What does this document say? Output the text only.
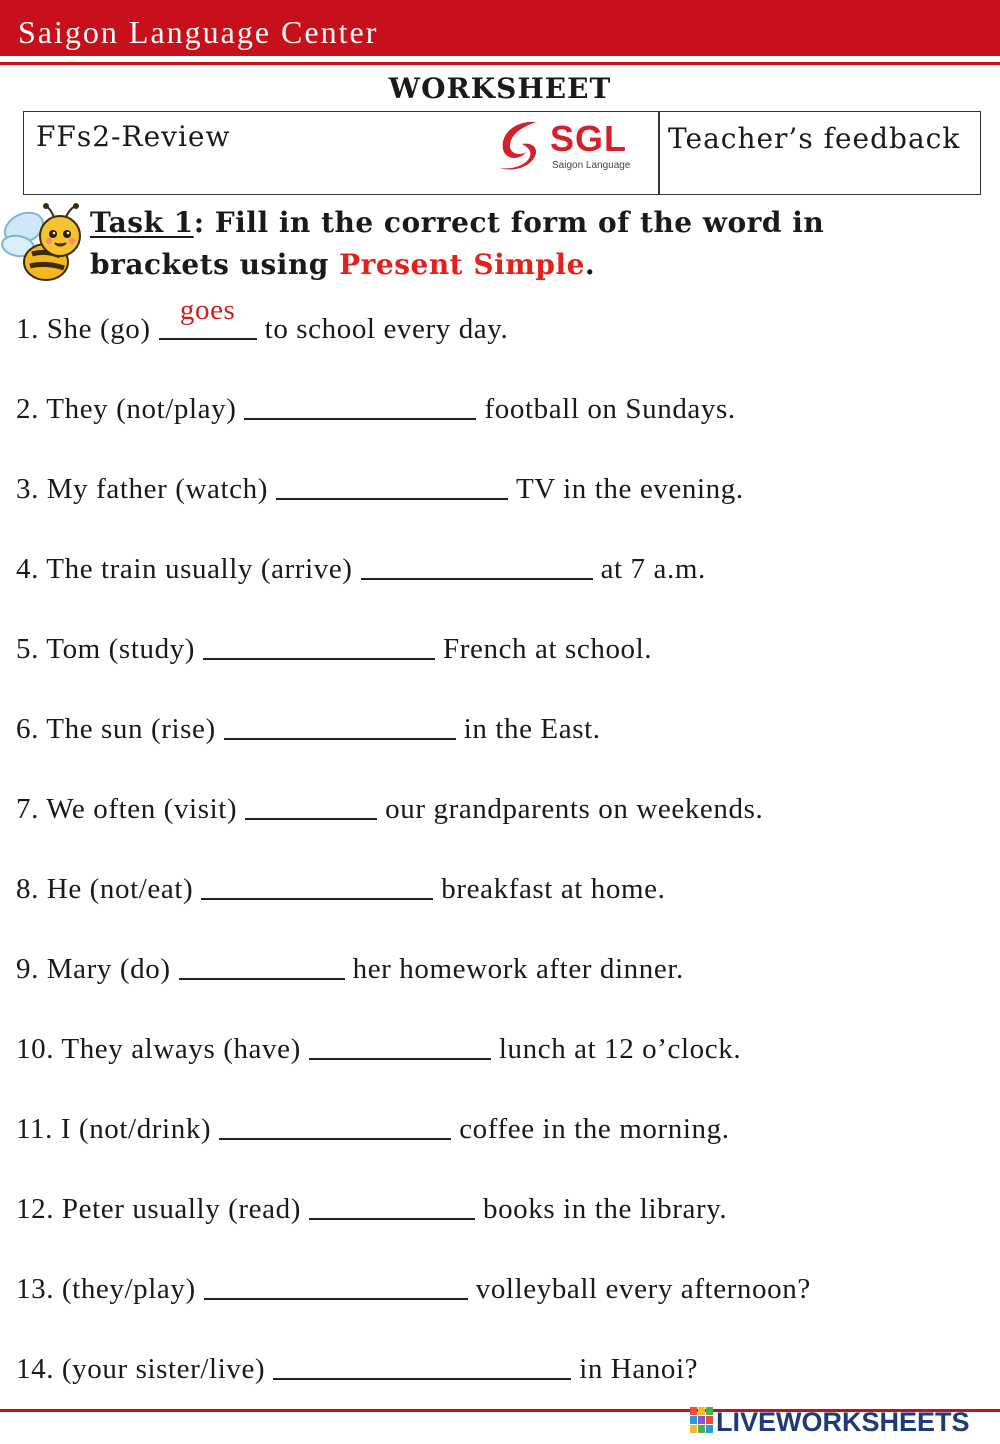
Saigon Language Center
WORKSHEET
FFs2-Review	SGL
Saigon Language
Teacher’s feedback
Task 1: Fill in the correct form of the word in brackets using Present Simple.
1. She (go)
goes
to school every day.
2. They (not/play)	football on Sundays.
3. My father (watch)	TV in the evening.
4. The train usually (arrive)	at 7 a.m.
5. Tom (study)	French at school.
6. The sun (rise)	in the East.
7. We often (visit)	our grandparents on weekends.
8. He (not/eat)	breakfast at home.
9. Mary (do)	her homework after dinner.
10. They always (have)	lunch at 12 o’clock.
11. I (not/drink)	coffee in the morning.
12. Peter usually (read)	books in the library.
13. (they/play)	volleyball every afternoon?
14. (your sister/live)	in Hanoi?
LIVEWORKSHEETS
